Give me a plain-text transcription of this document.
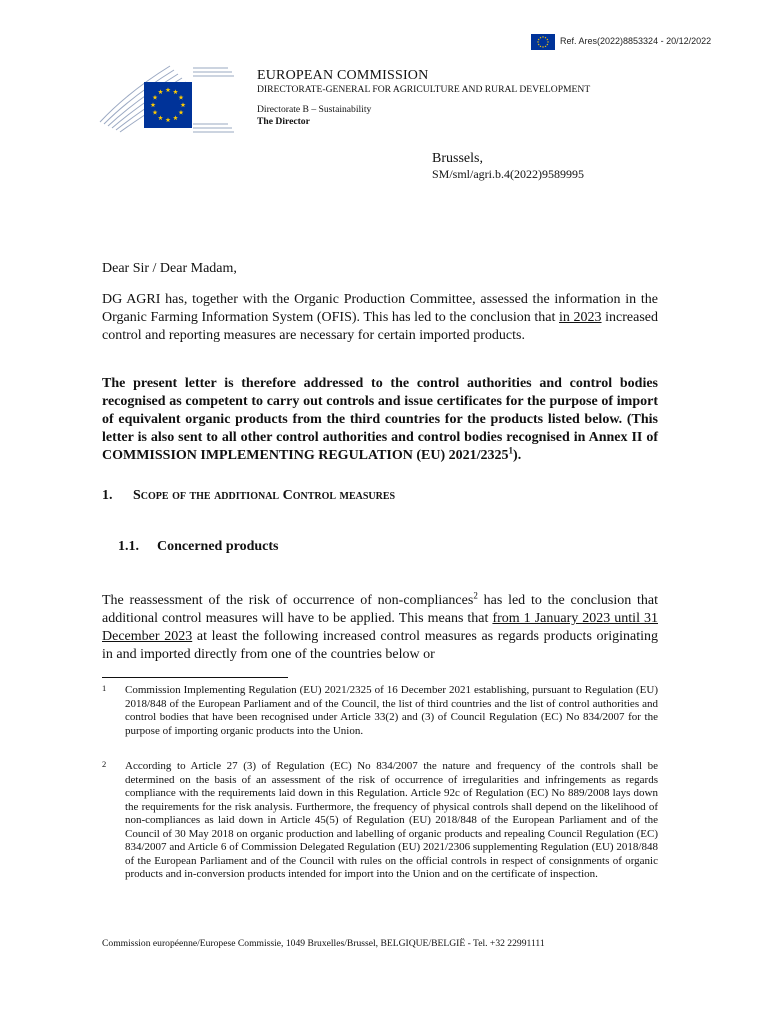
Ref. Ares(2022)8853324 - 20/12/2022
EUROPEAN COMMISSION
DIRECTORATE-GENERAL FOR AGRICULTURE AND RURAL DEVELOPMENT
Directorate B – Sustainability
The Director
Brussels,
SM/sml/agri.b.4(2022)9589995
Dear Sir / Dear Madam,
DG AGRI has, together with the Organic Production Committee, assessed the information in the Organic Farming Information System (OFIS). This has led to the conclusion that in 2023 increased control and reporting measures are necessary for certain imported products.
The present letter is therefore addressed to the control authorities and control bodies recognised as competent to carry out controls and issue certificates for the purpose of import of equivalent organic products from the third countries for the products listed below. (This letter is also sent to all other control authorities and control bodies recognised in Annex II of COMMISSION IMPLEMENTING REGULATION (EU) 2021/2325$^1$).
1. Scope of the additional Control measures
1.1. Concerned products
The reassessment of the risk of occurrence of non-compliances$^2$ has led to the conclusion that additional control measures will have to be applied. This means that from 1 January 2023 until 31 December 2023 at least the following increased control measures as regards products originating in and imported directly from one of the countries below or
1 Commission Implementing Regulation (EU) 2021/2325 of 16 December 2021 establishing, pursuant to Regulation (EU) 2018/848 of the European Parliament and of the Council, the list of third countries and the list of control authorities and control bodies that have been recognised under Article 33(2) and (3) of Council Regulation (EC) No 834/2007 for the purpose of importing organic products into the Union.
2 According to Article 27 (3) of Regulation (EC) No 834/2007 the nature and frequency of the controls shall be determined on the basis of an assessment of the risk of occurrence of irregularities and infringements as regards compliance with the requirements laid down in this Regulation. Article 92c of Regulation (EC) No 889/2008 lays down the requirements for the risk analysis. Furthermore, the frequency of physical controls shall depend on the likelihood of non-compliances as laid down in Article 45(5) of Regulation (EU) 2018/848 of the European Parliament and of the Council of 30 May 2018 on organic production and labelling of organic products and repealing Council Regulation (EC) 834/2007 and Article 6 of Commission Delegated Regulation (EU) 2021/2306 supplementing Regulation (EU) 2018/848 of the European Parliament and of the Council with rules on the official controls in respect of consignments of organic products and in-conversion products intended for import into the Union and on the certificate of inspection.
Commission européenne/Europese Commissie, 1049 Bruxelles/Brussel, BELGIQUE/BELGIË - Tel. +32 22991111
